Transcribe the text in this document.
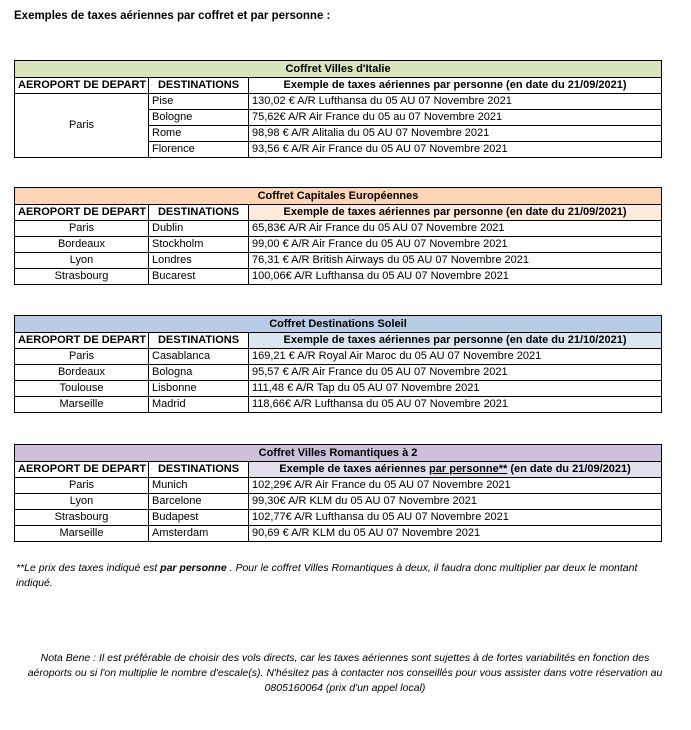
Exemples de taxes aériennes par coffret et par personne :
Coffret Villes d'Italie		
AEROPORT DE DEPART	DESTINATIONS	Exemple de taxes aériennes par personne (en date du 21/09/2021)
Paris	Pise	130,02 € A/R Lufthansa du 05 AU 07 Novembre 2021
	Bologne	75,62€ A/R Air France du 05 au 07 Novembre 2021
	Rome	98,98 € A/R Alitalia du 05 AU 07 Novembre 2021
	Florence	93,56 € A/R Air France du 05 AU 07 Novembre 2021
Coffret Capitales Européennes		
AEROPORT DE DEPART	DESTINATIONS	Exemple de taxes aériennes par personne (en date du 21/09/2021)
Paris	Dublin	65,83€ A/R Air France du 05 AU 07 Novembre 2021
Bordeaux	Stockholm	99,00 € A/R Air France du 05 AU 07 Novembre 2021
Lyon	Londres	76,31 € A/R British Airways du 05 AU 07 Novembre 2021
Strasbourg	Bucarest	100,06€ A/R Lufthansa du 05 AU 07 Novembre 2021
Coffret Destinations Soleil		
AEROPORT DE DEPART	DESTINATIONS	Exemple de taxes aériennes par personne (en date du 21/10/2021)
Paris	Casablanca	169,21 € A/R Royal Air Maroc du 05 AU 07 Novembre 2021
Bordeaux	Bologna	95,57 € A/R Air France du 05 AU 07 Novembre 2021
Toulouse	Lisbonne	111,48 € A/R Tap du 05 AU 07 Novembre 2021
Marseille	Madrid	118,66€ A/R Lufthansa du 05 AU 07 Novembre 2021
Coffret Villes Romantiques à 2		
AEROPORT DE DEPART	DESTINATIONS	Exemple de taxes aériennes par personne** (en date du 21/09/2021)
Paris	Munich	102,29€ A/R Air France du 05 AU 07 Novembre 2021
Lyon	Barcelone	99,30€ A/R KLM du 05 AU 07 Novembre 2021
Strasbourg	Budapest	102,77€ A/R Lufthansa du 05 AU 07 Novembre 2021
Marseille	Amsterdam	90,69 € A/R KLM du 05 AU 07 Novembre 2021
**Le prix des taxes indiqué est par personne . Pour le coffret Villes Romantiques à deux, il faudra donc multiplier par deux le montant indiqué.
Nota Bene : Il est préférable de choisir des vols directs, car les taxes aériennes sont sujettes à de fortes variabilités en fonction des aéroports ou si l'on multiplie le nombre d'escale(s). N'hésitez pas à contacter nos conseillés pour vous assister dans votre réservation au 0805160064 (prix d'un appel local)
